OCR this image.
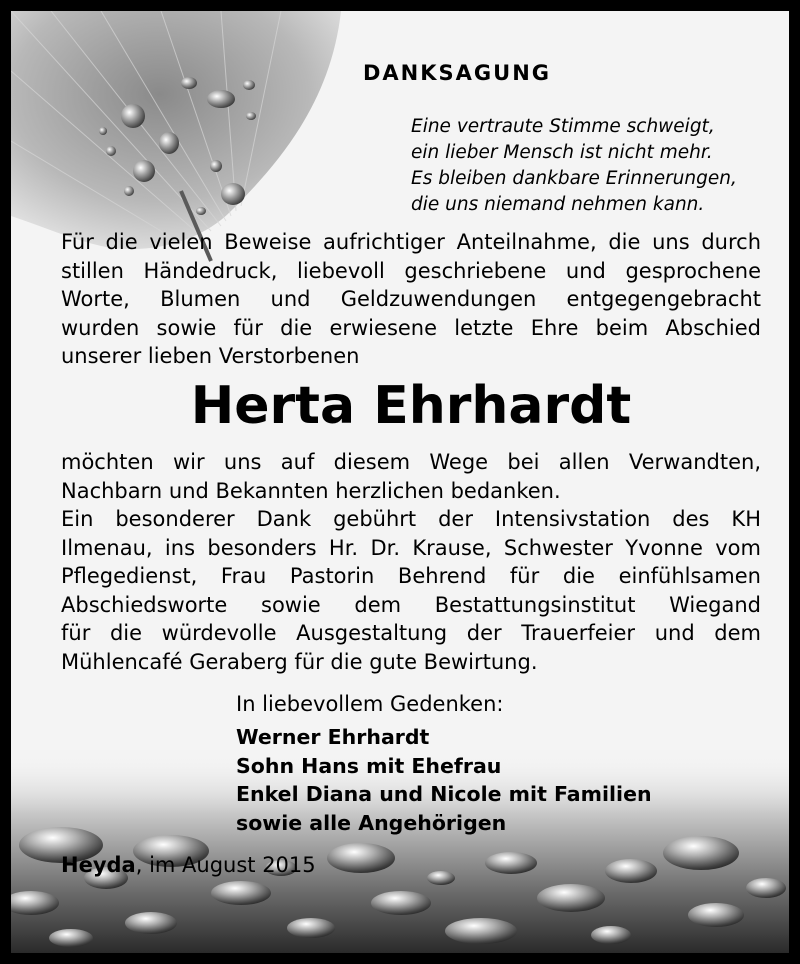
DANKSAGUNG
Eine vertraute Stimme schweigt,
ein lieber Mensch ist nicht mehr.
Es bleiben dankbare Erinnerungen,
die uns niemand nehmen kann.
Für die vielen Beweise aufrichtiger Anteilnahme, die uns durch
stillen Händedruck, liebevoll geschriebene und gesprochene
Worte, Blumen und Geldzuwendungen entgegengebracht
wurden sowie für die erwiesene letzte Ehre beim Abschied
unserer lieben Verstorbenen
Herta Ehrhardt
möchten wir uns auf diesem Wege bei allen Verwandten,
Nachbarn und Bekannten herzlichen bedanken.
Ein besonderer Dank gebührt der Intensivstation des KH
Ilmenau, ins besonders Hr. Dr. Krause, Schwester Yvonne vom
Pflegedienst, Frau Pastorin Behrend für die einfühlsamen
Abschiedsworte sowie dem Bestattungsinstitut Wiegand
für die würdevolle Ausgestaltung der Trauerfeier und dem
Mühlencafé Geraberg für die gute Bewirtung.
In liebevollem Gedenken:
Werner Ehrhardt
Sohn Hans mit Ehefrau
Enkel Diana und Nicole mit Familien
sowie alle Angehörigen
Heyda, im August 2015
